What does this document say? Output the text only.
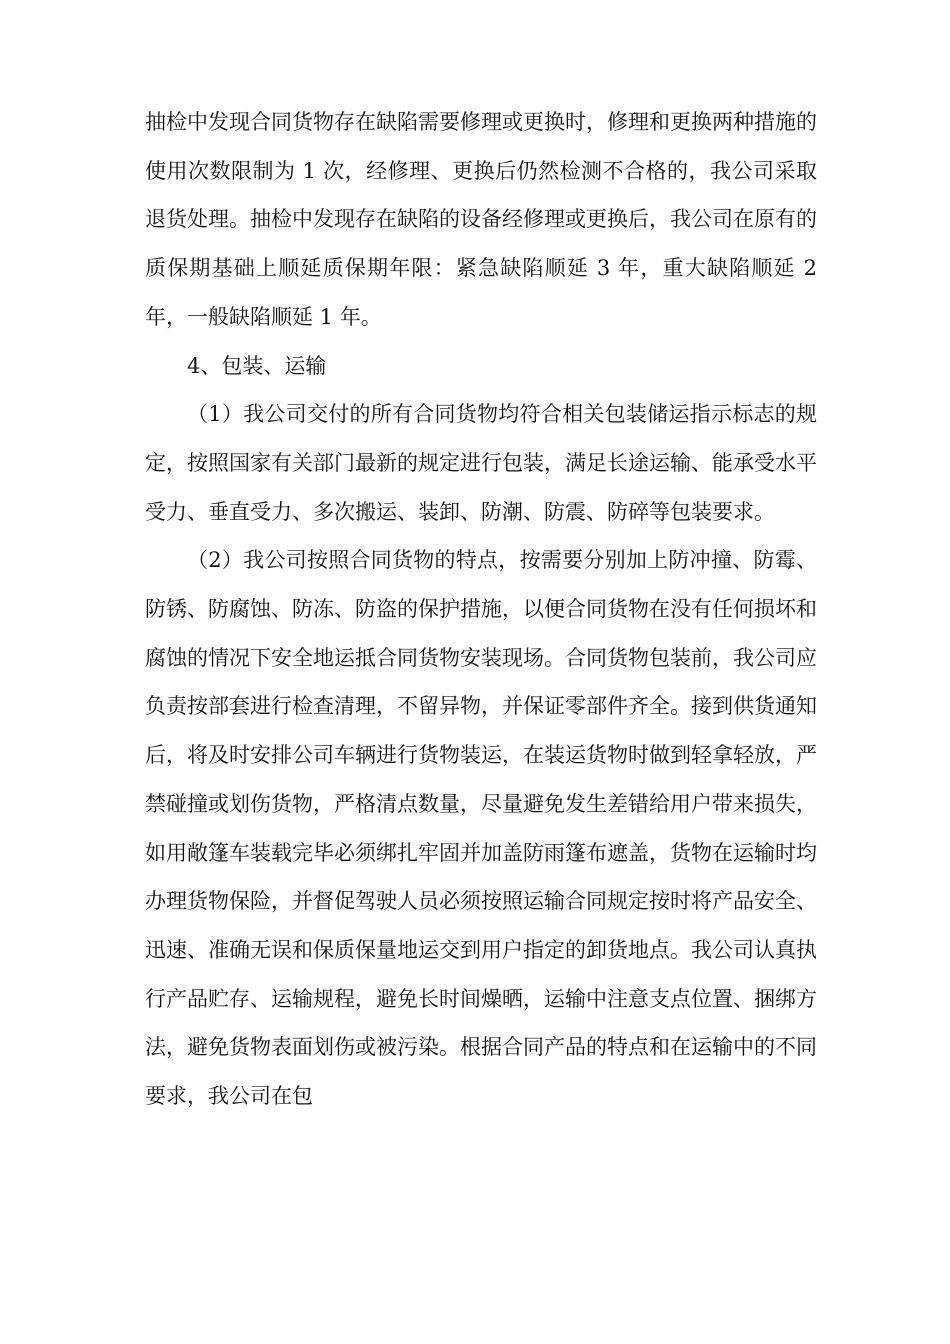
抽检中发现合同货物存在缺陷需要修理或更换时，修理和更换两种措施的使用次数限制为 1 次，经修理、更换后仍然检测不合格的，我公司采取退货处理。抽检中发现存在缺陷的设备经修理或更换后，我公司在原有的质保期基础上顺延质保期年限：紧急缺陷顺延 3 年，重大缺陷顺延 2 年，一般缺陷顺延 1 年。

4、包装、运输

（1）我公司交付的所有合同货物均符合相关包装储运指示标志的规定，按照国家有关部门最新的规定进行包装，满足长途运输、能承受水平受力、垂直受力、多次搬运、装卸、防潮、防震、防碎等包装要求。

（2）我公司按照合同货物的特点，按需要分别加上防冲撞、防霉、防锈、防腐蚀、防冻、防盗的保护措施，以便合同货物在没有任何损坏和腐蚀的情况下安全地运抵合同货物安装现场。合同货物包装前，我公司应负责按部套进行检查清理，不留异物，并保证零部件齐全。接到供货通知后，将及时安排公司车辆进行货物装运，在装运货物时做到轻拿轻放，严禁碰撞或划伤货物，严格清点数量，尽量避免发生差错给用户带来损失，如用敞篷车装载完毕必须绑扎牢固并加盖防雨篷布遮盖，货物在运输时均办理货物保险，并督促驾驶人员必须按照运输合同规定按时将产品安全、迅速、准确无误和保质保量地运交到用户指定的卸货地点。我公司认真执行产品贮存、运输规程，避免长时间燥晒，运输中注意支点位置、捆绑方法，避免货物表面划伤或被污染。根据合同产品的特点和在运输中的不同要求，我公司在包
